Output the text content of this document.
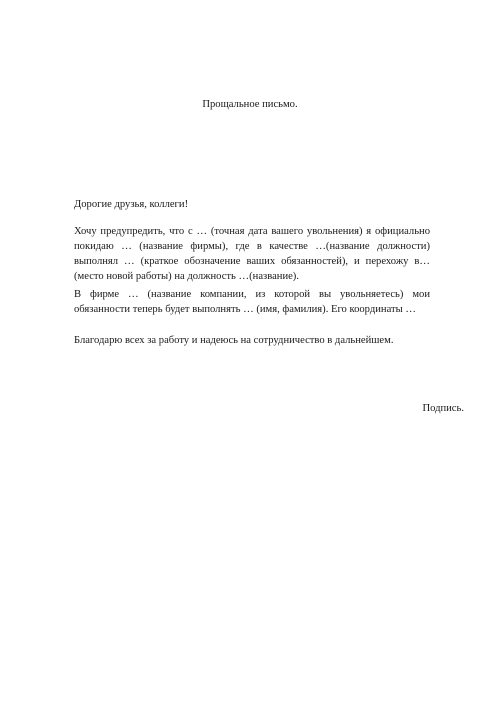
Прощальное письмо.

Дорогие друзья, коллеги!

Хочу предупредить, что с … (точная дата вашего увольнения) я официально покидаю … (название фирмы), где в качестве …(название должности) выполнял … (краткое обозначение ваших обязанностей), и перехожу в… (место новой работы) на должность …(название).

В фирме … (название компании, из которой вы увольняетесь) мои обязанности теперь будет выполнять … (имя, фамилия). Его координаты …

Благодарю всех за работу и надеюсь на сотрудничество в дальнейшем.

Подпись.
